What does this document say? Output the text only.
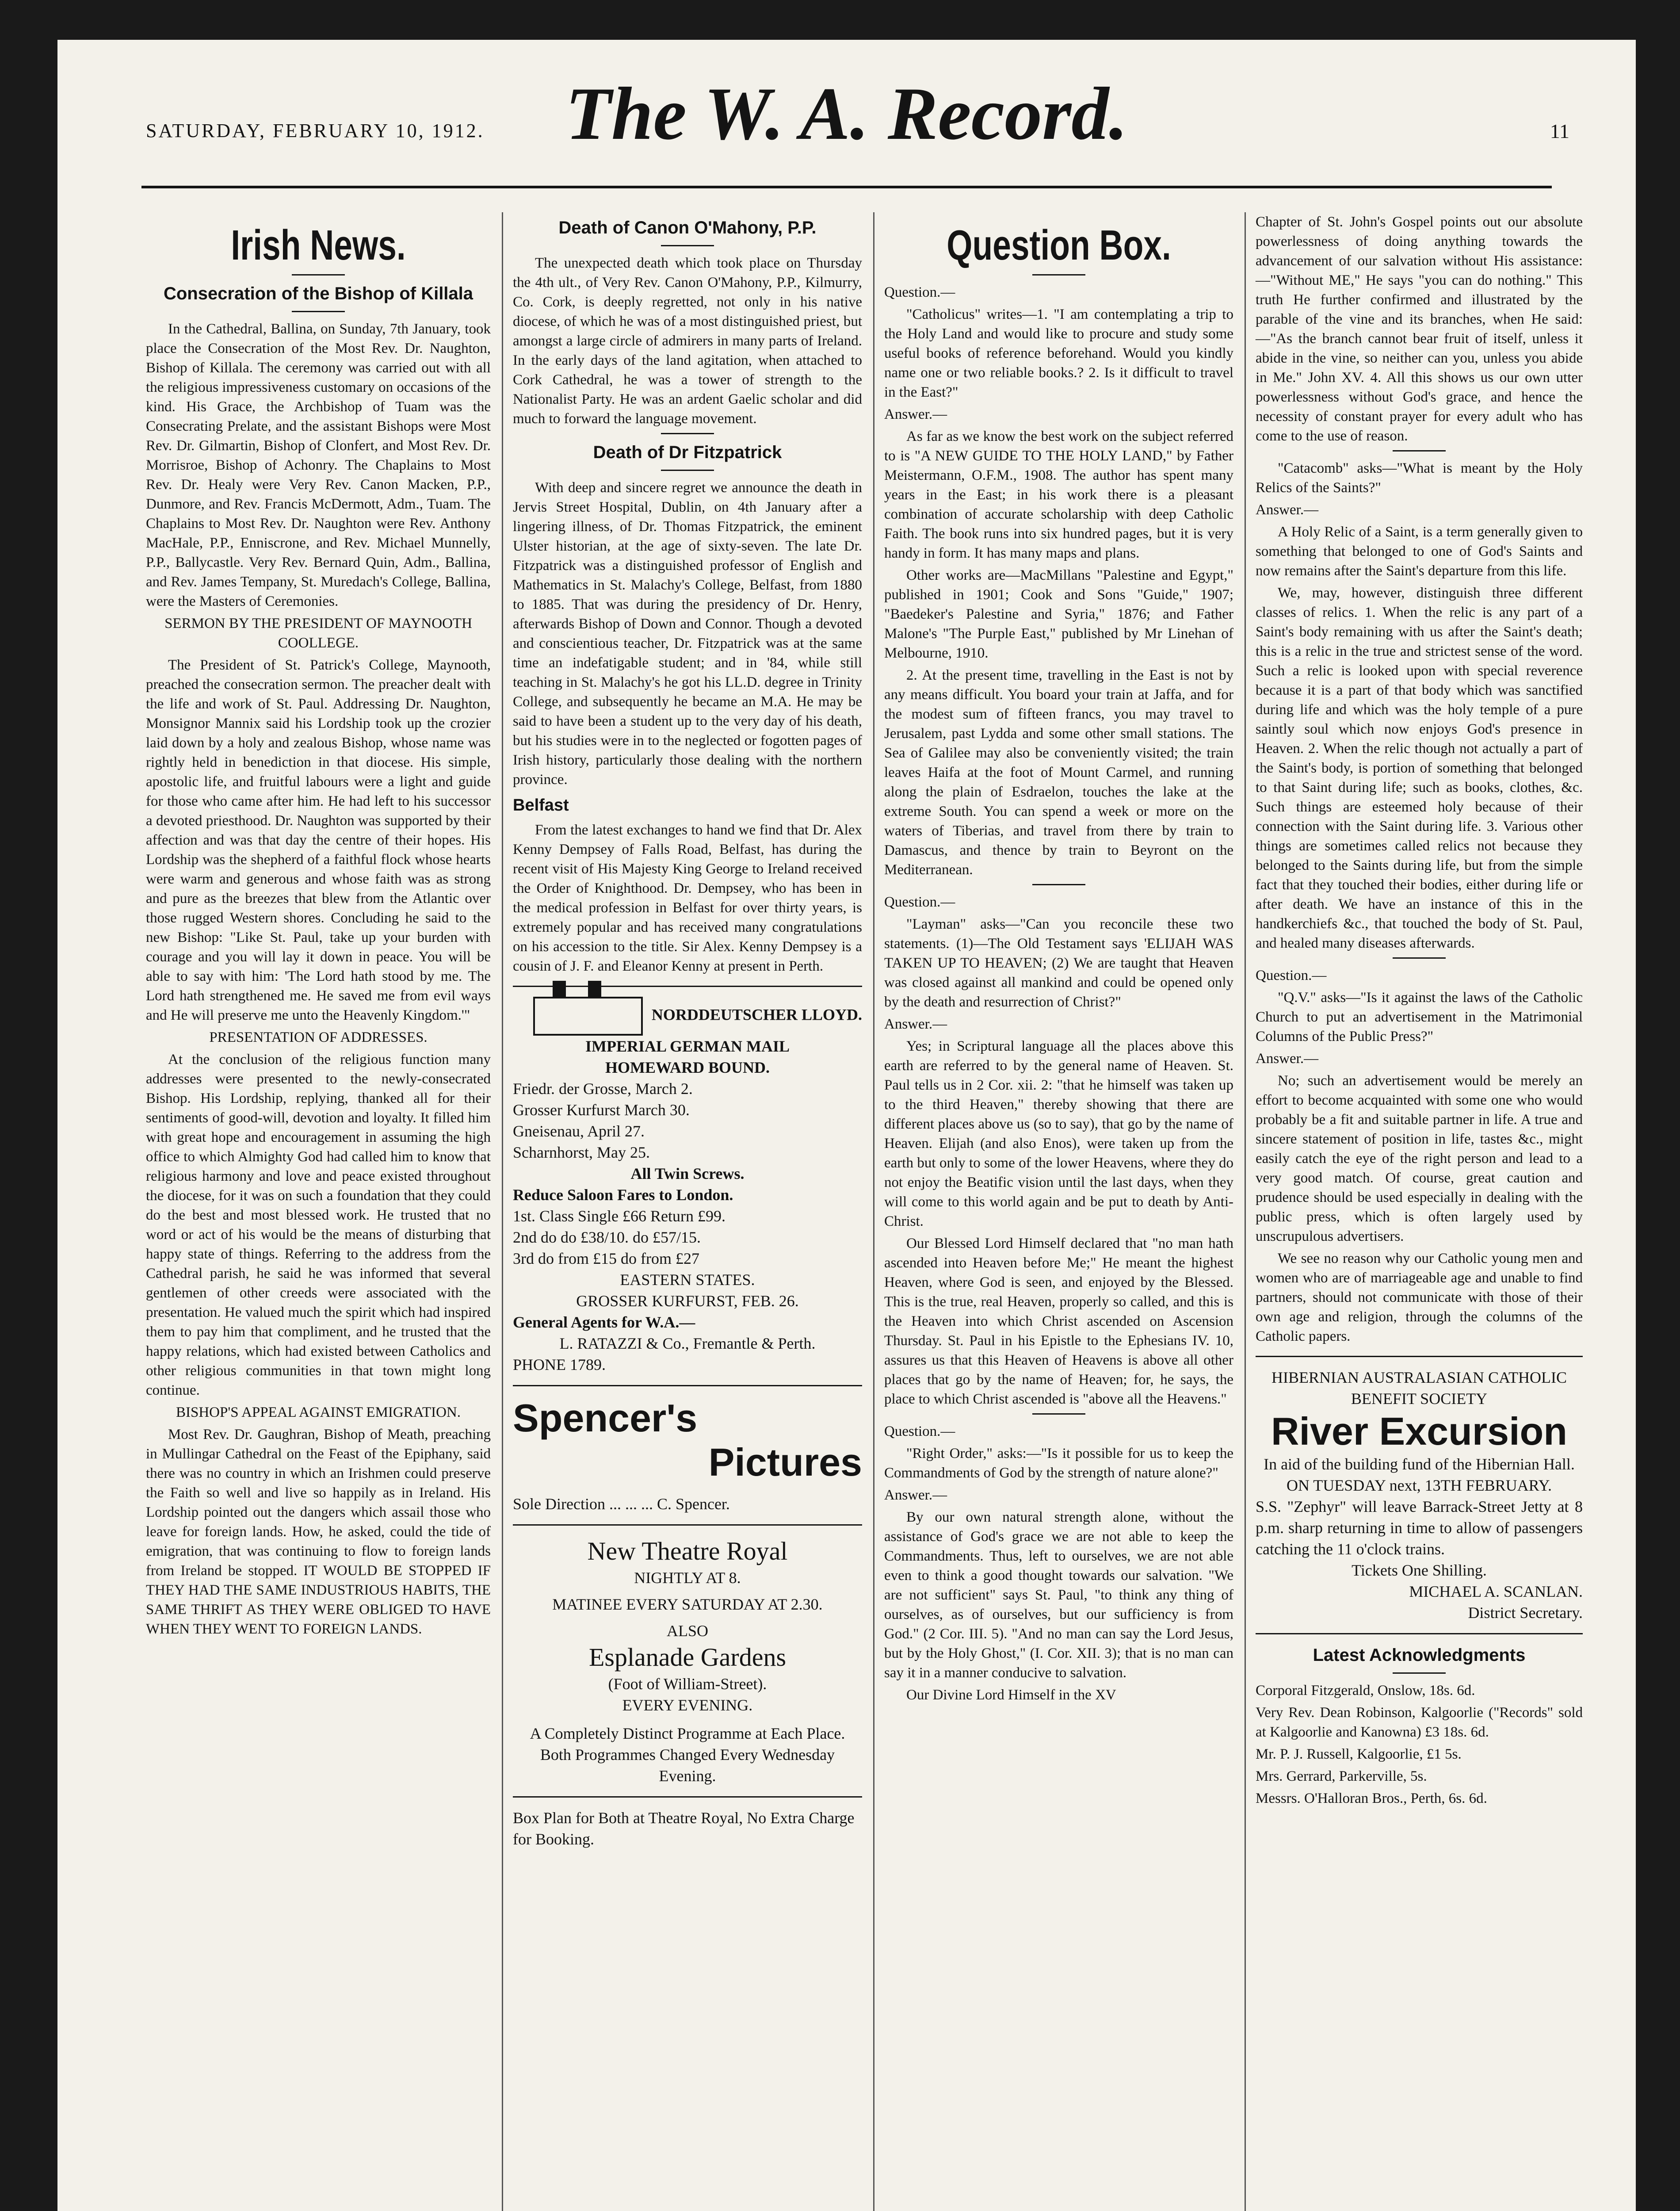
SATURDAY, FEBRUARY 10, 1912.	The W. A. Record.	11
Irish News.
Consecration of the Bishop of Killala

In the Cathedral, Ballina, on Sunday, 7th January, took place the Consecration of the Most Rev. Dr. Naughton, Bishop of Killala. The ceremony was carried out with all the religious impressiveness customary on occasions of the kind. His Grace, the Archbishop of Tuam was the Consecrating Prelate, and the assistant Bishops were Most Rev. Dr. Gilmartin, Bishop of Clonfert, and Most Rev. Dr. Morrisroe, Bishop of Achonry. The Chaplains to Most Rev. Dr. Healy were Very Rev. Canon Macken, P.P., Dunmore, and Rev. Francis McDermott, Adm., Tuam. The Chaplains to Most Rev. Dr. Naughton were Rev. Anthony MacHale, P.P., Enniscrone, and Rev. Michael Munnelly, P.P., Ballycastle. Very Rev. Bernard Quin, Adm., Ballina, and Rev. James Tempany, St. Muredach's College, Ballina, were the Masters of Ceremonies.

SERMON BY THE PRESIDENT OF MAYNOOTH COOLLEGE.

The President of St. Patrick's College, Maynooth, preached the consecration sermon. The preacher dealt with the life and work of St. Paul. Addressing Dr. Naughton, Monsignor Mannix said his Lordship took up the crozier laid down by a holy and zealous Bishop, whose name was rightly held in benediction in that diocese. His simple, apostolic life, and fruitful labours were a light and guide for those who came after him. He had left to his successor a devoted priesthood. Dr. Naughton was supported by their affection and was that day the centre of their hopes. His Lordship was the shepherd of a faithful flock whose hearts were warm and generous and whose faith was as strong and pure as the breezes that blew from the Atlantic over those rugged Western shores. Concluding he said to the new Bishop: "Like St. Paul, take up your burden with courage and you will lay it down in peace. You will be able to say with him: 'The Lord hath stood by me. The Lord hath strengthened me. He saved me from evil ways and He will preserve me unto the Heavenly Kingdom.'"

PRESENTATION OF ADDRESSES.

At the conclusion of the religious function many addresses were presented to the newly-consecrated Bishop. His Lordship, replying, thanked all for their sentiments of good-will, devotion and loyalty. It filled him with great hope and encouragement in assuming the high office to which Almighty God had called him to know that religious harmony and love and peace existed throughout the diocese, for it was on such a foundation that they could do the best and most blessed work. He trusted that no word or act of his would be the means of disturbing that happy state of things. Referring to the address from the Cathedral parish, he said he was informed that several gentlemen of other creeds were associated with the presentation. He valued much the spirit which had inspired them to pay him that compliment, and he trusted that the happy relations, which had existed between Catholics and other religious communities in that town might long continue.

BISHOP'S APPEAL AGAINST EMIGRATION.

Most Rev. Dr. Gaughran, Bishop of Meath, preaching in Mullingar Cathedral on the Feast of the Epiphany, said there was no country in which an Irishmen could preserve the Faith so well and live so happily as in Ireland. His Lordship pointed out the dangers which assail those who leave for foreign lands. How, he asked, could the tide of emigration, that was continuing to flow to foreign lands from Ireland be stopped. IT WOULD BE STOPPED IF THEY HAD THE SAME INDUSTRIOUS HABITS, THE SAME THRIFT AS THEY WERE OBLIGED TO HAVE WHEN THEY WENT TO FOREIGN LANDS.

Death of Canon O'Mahony, P.P.

The unexpected death which took place on Thursday the 4th ult., of Very Rev. Canon O'Mahony, P.P., Kilmurry, Co. Cork, is deeply regretted, not only in his native diocese, of which he was of a most distinguished priest, but amongst a large circle of admirers in many parts of Ireland. In the early days of the land agitation, when attached to Cork Cathedral, he was a tower of strength to the Nationalist Party. He was an ardent Gaelic scholar and did much to forward the language movement.

Death of Dr Fitzpatrick

With deep and sincere regret we announce the death in Jervis Street Hospital, Dublin, on 4th January after a lingering illness, of Dr. Thomas Fitzpatrick, the eminent Ulster historian, at the age of sixty-seven. The late Dr. Fitzpatrick was a distinguished professor of English and Mathematics in St. Malachy's College, Belfast, from 1880 to 1885. That was during the presidency of Dr. Henry, afterwards Bishop of Down and Connor. Though a devoted and conscientious teacher, Dr. Fitzpatrick was at the same time an indefatigable student; and in '84, while still teaching in St. Malachy's he got his LL.D. degree in Trinity College, and subsequently he became an M.A. He may be said to have been a student up to the very day of his death, but his studies were in to the neglected or fogotten pages of Irish history, particularly those dealing with the northern province.

Belfast

From the latest exchanges to hand we find that Dr. Alex Kenny Dempsey of Falls Road, Belfast, has during the recent visit of His Majesty King George to Ireland received the Order of Knighthood. Dr. Dempsey, who has been in the medical profession in Belfast for over thirty years, is extremely popular and has received many congratulations on his accession to the title. Sir Alex. Kenny Dempsey is a cousin of J. F. and Eleanor Kenny at present in Perth.

NORDDEUTSCHER LLOYD.
IMPERIAL GERMAN MAIL
HOMEWARD BOUND.
Friedr. der Grosse, March 2.
Grosser Kurfurst March 30.
Gneisenau, April 27.
Scharnhorst, May 25.
All Twin Screws.
Reduce Saloon Fares to London.
1st. Class Single £66 Return £99.
2nd do do £38/10. do £57/15.
3rd do from £15 do from £27
EASTERN STATES.
GROSSER KURFURST, FEB. 26.
General Agents for W.A.—
L. RATAZZI & Co., Fremantle & Perth.
PHONE 1789.
Spencer's
Pictures
Sole Direction ... ... ... C. Spencer.
New Theatre Royal
NIGHTLY AT 8.
MATINEE EVERY SATURDAY AT 2.30.
ALSO
Esplanade Gardens
(Foot of William-Street).
EVERY EVENING.
A Completely Distinct Programme at Each Place. Both Programmes Changed Every Wednesday Evening.
Box Plan for Both at Theatre Royal, No Extra Charge for Booking.
Question Box.

Question.—

"Catholicus" writes—1. "I am contemplating a trip to the Holy Land and would like to procure and study some useful books of reference beforehand. Would you kindly name one or two reliable books.? 2. Is it difficult to travel in the East?"

Answer.—

As far as we know the best work on the subject referred to is "A NEW GUIDE TO THE HOLY LAND," by Father Meistermann, O.F.M., 1908. The author has spent many years in the East; in his work there is a pleasant combination of accurate scholarship with deep Catholic Faith. The book runs into six hundred pages, but it is very handy in form. It has many maps and plans.

Other works are—MacMillans "Palestine and Egypt," published in 1901; Cook and Sons "Guide," 1907; "Baedeker's Palestine and Syria," 1876; and Father Malone's "The Purple East," published by Mr Linehan of Melbourne, 1910.

2. At the present time, travelling in the East is not by any means difficult. You board your train at Jaffa, and for the modest sum of fifteen francs, you may travel to Jerusalem, past Lydda and some other small stations. The Sea of Galilee may also be conveniently visited; the train leaves Haifa at the foot of Mount Carmel, and running along the plain of Esdraelon, touches the lake at the extreme South. You can spend a week or more on the waters of Tiberias, and travel from there by train to Damascus, and thence by train to Beyront on the Mediterranean.

Question.—

"Layman" asks—"Can you reconcile these two statements. (1)—The Old Testament says 'ELIJAH WAS TAKEN UP TO HEAVEN; (2) We are taught that Heaven was closed against all mankind and could be opened only by the death and resurrection of Christ?"

Answer.—

Yes; in Scriptural language all the places above this earth are referred to by the general name of Heaven. St. Paul tells us in 2 Cor. xii. 2: "that he himself was taken up to the third Heaven," thereby showing that there are different places above us (so to say), that go by the name of Heaven. Elijah (and also Enos), were taken up from the earth but only to some of the lower Heavens, where they do not enjoy the Beatific vision until the last days, when they will come to this world again and be put to death by Anti-Christ.

Our Blessed Lord Himself declared that "no man hath ascended into Heaven before Me;" He meant the highest Heaven, where God is seen, and enjoyed by the Blessed. This is the true, real Heaven, properly so called, and this is the Heaven into which Christ ascended on Ascension Thursday. St. Paul in his Epistle to the Ephesians IV. 10, assures us that this Heaven of Heavens is above all other places that go by the name of Heaven; for, he says, the place to which Christ ascended is "above all the Heavens."

Question.—

"Right Order," asks:—"Is it possible for us to keep the Commandments of God by the strength of nature alone?"

Answer.—

By our own natural strength alone, without the assistance of God's grace we are not able to keep the Commandments. Thus, left to ourselves, we are not able even to think a good thought towards our salvation. "We are not sufficient" says St. Paul, "to think any thing of ourselves, as of ourselves, but our sufficiency is from God." (2 Cor. III. 5). "And no man can say the Lord Jesus, but by the Holy Ghost," (I. Cor. XII. 3); that is no man can say it in a manner conducive to salvation.

Our Divine Lord Himself in the XV

Chapter of St. John's Gospel points out our absolute powerlessness of doing anything towards the advancement of our salvation without His assistance:—"Without ME," He says "you can do nothing." This truth He further confirmed and illustrated by the parable of the vine and its branches, when He said:—"As the branch cannot bear fruit of itself, unless it abide in the vine, so neither can you, unless you abide in Me." John XV. 4. All this shows us our own utter powerlessness without God's grace, and hence the necessity of constant prayer for every adult who has come to the use of reason.

"Catacomb" asks—"What is meant by the Holy Relics of the Saints?"

Answer.—

A Holy Relic of a Saint, is a term generally given to something that belonged to one of God's Saints and now remains after the Saint's departure from this life.

We, may, however, distinguish three different classes of relics. 1. When the relic is any part of a Saint's body remaining with us after the Saint's death; this is a relic in the true and strictest sense of the word. Such a relic is looked upon with special reverence because it is a part of that body which was sanctified during life and which was the holy temple of a pure saintly soul which now enjoys God's presence in Heaven. 2. When the relic though not actually a part of the Saint's body, is portion of something that belonged to that Saint during life; such as books, clothes, &c. Such things are esteemed holy because of their connection with the Saint during life. 3. Various other things are sometimes called relics not because they belonged to the Saints during life, but from the simple fact that they touched their bodies, either during life or after death. We have an instance of this in the handkerchiefs &c., that touched the body of St. Paul, and healed many diseases afterwards.

Question.—

"Q.V." asks—"Is it against the laws of the Catholic Church to put an advertisement in the Matrimonial Columns of the Public Press?"

Answer.—

No; such an advertisement would be merely an effort to become acquainted with some one who would probably be a fit and suitable partner in life. A true and sincere statement of position in life, tastes &c., might easily catch the eye of the right person and lead to a very good match. Of course, great caution and prudence should be used especially in dealing with the public press, which is often largely used by unscrupulous advertisers.

We see no reason why our Catholic young men and women who are of marriageable age and unable to find partners, should not communicate with those of their own age and religion, through the columns of the Catholic papers.

HIBERNIAN AUSTRALASIAN CATHOLIC BENEFIT SOCIETY
River Excursion
In aid of the building fund of the Hibernian Hall.
ON TUESDAY next, 13TH FEBRUARY.
S.S. "Zephyr" will leave Barrack-Street Jetty at 8 p.m. sharp returning in time to allow of passengers catching the 11 o'clock trains.
Tickets One Shilling.
MICHAEL A. SCANLAN.
District Secretary.
Latest Acknowledgments

Corporal Fitzgerald, Onslow, 18s. 6d.

Very Rev. Dean Robinson, Kalgoorlie ("Records" sold at Kalgoorlie and Kanowna) £3 18s. 6d.

Mr. P. J. Russell, Kalgoorlie, £1 5s.

Mrs. Gerrard, Parkerville, 5s.

Messrs. O'Halloran Bros., Perth, 6s. 6d.
